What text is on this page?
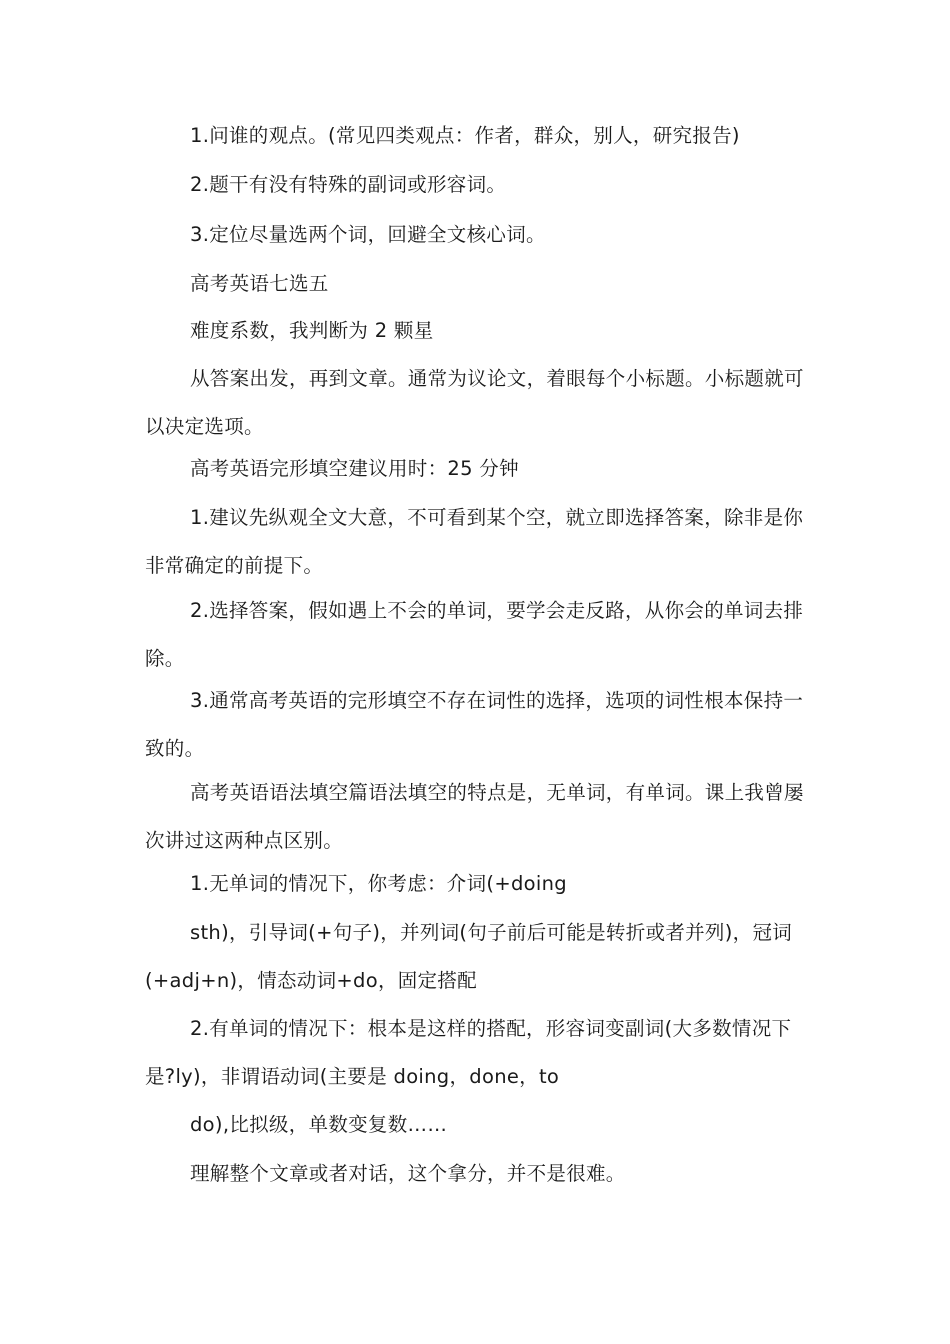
1.问谁的观点。(常见四类观点：作者，群众，别人，研究报告)

2.题干有没有特殊的副词或形容词。

3.定位尽量选两个词，回避全文核心词。

高考英语七选五

难度系数，我判断为 2 颗星

从答案出发，再到文章。通常为议论文，着眼每个小标题。小标题就可以决定选项。

高考英语完形填空建议用时：25 分钟

1.建议先纵观全文大意，不可看到某个空，就立即选择答案，除非是你非常确定的前提下。

2.选择答案，假如遇上不会的单词，要学会走反路，从你会的单词去排除。

3.通常高考英语的完形填空不存在词性的选择，选项的词性根本保持一致的。

高考英语语法填空篇语法填空的特点是，无单词，有单词。课上我曾屡次讲过这两种点区别。

1.无单词的情况下，你考虑：介词(+doing

sth)，引导词(+句子)，并列词(句子前后可能是转折或者并列)，冠词(+adj+n)，情态动词+do，固定搭配

2.有单词的情况下：根本是这样的搭配，形容词变副词(大多数情况下是?ly)，非谓语动词(主要是 doing，done，to

do),比拟级，单数变复数……

理解整个文章或者对话，这个拿分，并不是很难。
